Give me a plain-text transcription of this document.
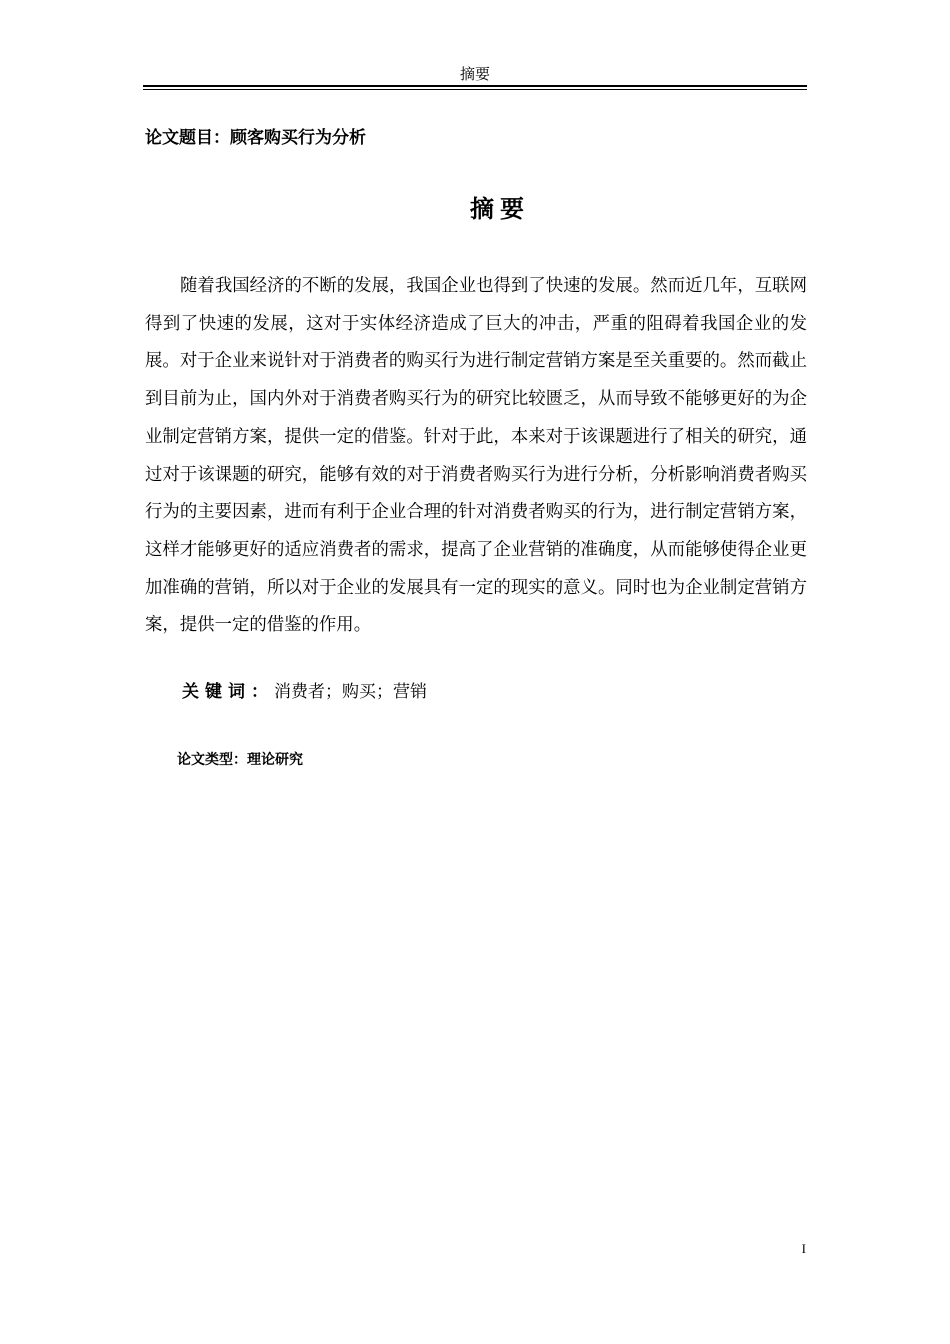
摘要
论文题目：顾客购买行为分析
摘要

随着我国经济的不断的发展，我国企业也得到了快速的发展。然而近几年，互联网得到了快速的发展，这对于实体经济造成了巨大的冲击，严重的阻碍着我国企业的发展。对于企业来说针对于消费者的购买行为进行制定营销方案是至关重要的。然而截止到目前为止，国内外对于消费者购买行为的研究比较匮乏，从而导致不能够更好的为企业制定营销方案，提供一定的借鉴。针对于此，本来对于该课题进行了相关的研究，通过对于该课题的研究，能够有效的对于消费者购买行为进行分析，分析影响消费者购买行为的主要因素，进而有利于企业合理的针对消费者购买的行为，进行制定营销方案，这样才能够更好的适应消费者的需求，提高了企业营销的准确度，从而能够使得企业更加准确的营销，所以对于企业的发展具有一定的现实的意义。同时也为企业制定营销方案，提供一定的借鉴的作用。

关键词：消费者；购买；营销
论文类型：理论研究
I
